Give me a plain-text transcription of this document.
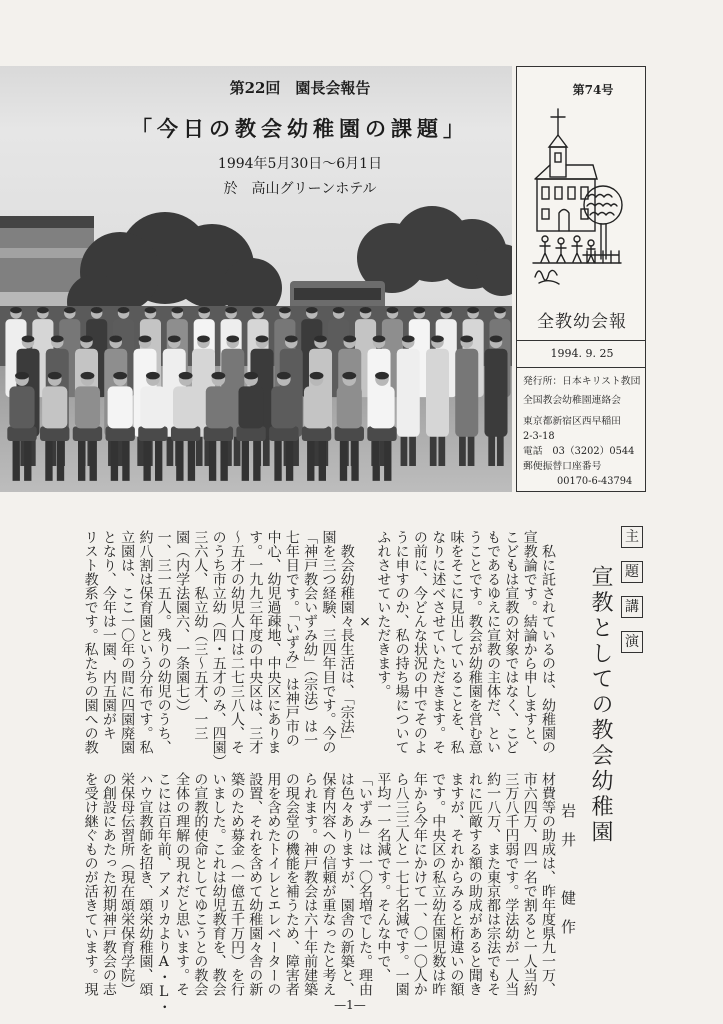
第22回　園長会報告
「今日の教会幼稚園の課題」
1994年5月30日〜6月1日
於　高山グリーンホテル
第74号
全教幼会報
1994. 9. 25
発行所：日本キリスト教団
全国教会幼稚園連絡会
東京都新宿区西早稲田
2-3-18
電話　03（3202）0544
郵便振替口座番号
00170-6-43794
主
題
講
演
宣教としての教会幼稚園
岩井　健作
私に託されているのは、幼稚園の
宣教論です。結論から申しますと、
こどもは宣教の対象ではなく、こど
もであるゆえに宣教の主体だ、とい
うことです。教会が幼稚園を営む意
味をそこに見出していることを、私
なりに述べさせていただきます。そ
の前に、今どんな状況の中でそのよ
うに申すのか、私の持ち場について
ふれさせていただきます。
×
教会幼稚園々長生活は、「宗法」
園を三つ経験、三四年目です。今の
「神戸教会いずみ幼」（宗法）は一
七年目です。「いずみ」は神戸市の
中心、幼児過疎地、中央区にありま
す。一九九三年度の中央区は、三才
〜五才の幼児人口は二七三八人、そ
のうち市立幼（四・五才のみ、四園）
三六人、私立幼（三〜五才、一三
園（内学法園六、一条園七））
一、三一五人。残りの幼児のうち、
約八割は保育園という分布です。私
立園は、ここ一〇年の間に四園廃園
となり、今年は一園、内五園がキ
リスト教系です。私たちの園への教
材費等の助成は、昨年度県九一万、
市六四万、四一名で割ると一人当約
三万八千円弱です。学法幼が一人当
約一八万、また東京都は宗法でもそ
れに匹敵する額の助成があると聞き
ますが、それからみると桁違いの額
です。中央区の私立幼在園児数は昨
年から今年にかけて一、〇一〇人か
ら八三三人と一七七名減です。一園
平均一一名減です。そんな中で、
「いずみ」は一〇名増でした。理由
は色々ありますが、園舎の新築と、
保育内容への信頼が重なったと考え
られます。神戸教会は六十年前建築
の現会堂の機能を補うため、障害者
用を含めたトイレとエレベーターの
設置、それを含めて幼稚園々舎の新
築のため募金（一億五千万円）を行
いました。これは幼児教育を、教会
の宣教的使命としてゆこうとの教会
全体の理解の現れだと思います。そ
こには百年前、アメリカよりA・L・
ハウ宣教師を招き、頌栄幼稚園、頌
栄保母伝習所（現在頌栄保育学院）
の創設にあたった初期神戸教会の志
を受け継ぐものが活きています。現
—1—
